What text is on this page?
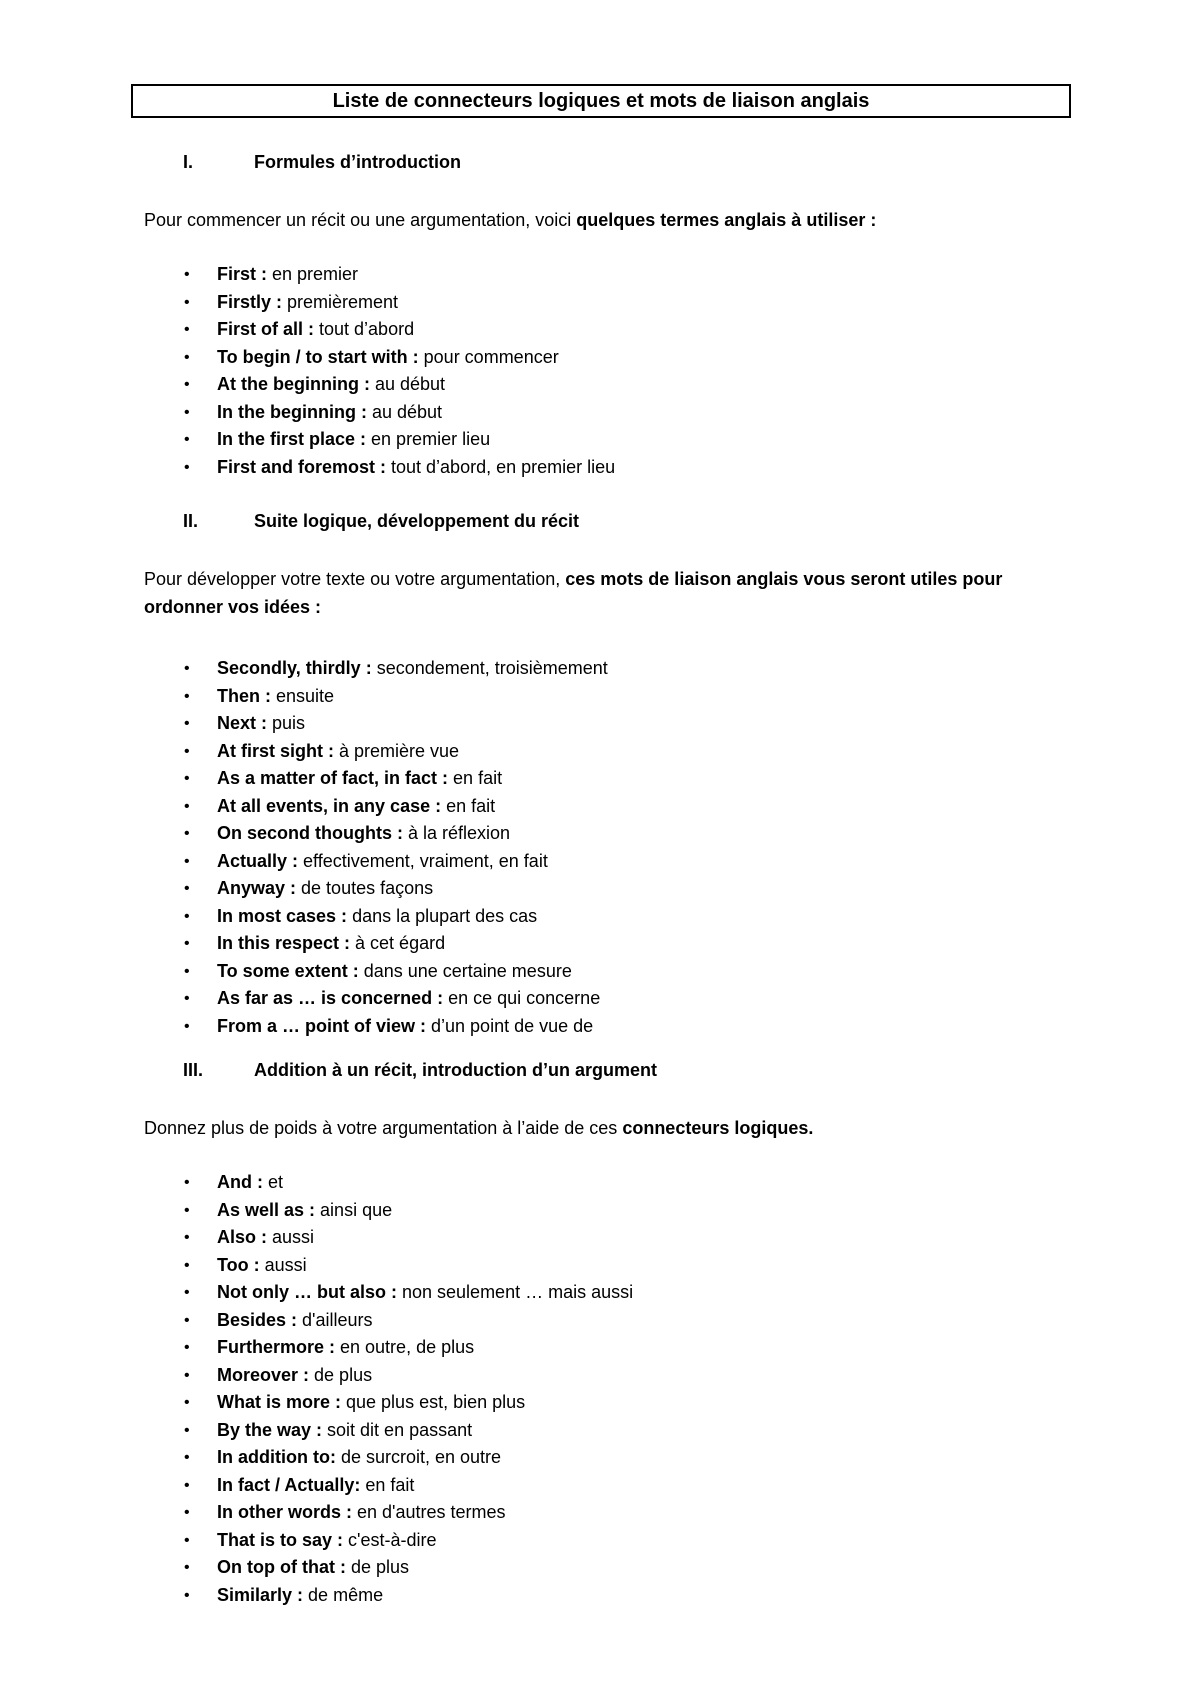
Liste de connecteurs logiques et mots de liaison anglais
I.	Formules d’introduction
Pour commencer un récit ou une argumentation, voici quelques termes anglais à utiliser :
• First : en premier
• Firstly : premièrement
• First of all : tout d’abord
• To begin / to start with : pour commencer
• At the beginning : au début
• In the beginning : au début
• In the first place : en premier lieu
• First and foremost : tout d’abord, en premier lieu
II.	Suite logique, développement du récit
Pour développer votre texte ou votre argumentation, ces mots de liaison anglais vous seront utiles pour ordonner vos idées :
• Secondly, thirdly : secondement, troisièmement
• Then : ensuite
• Next : puis
• At first sight : à première vue
• As a matter of fact, in fact : en fait
• At all events, in any case : en fait
• On second thoughts : à la réflexion
• Actually : effectivement, vraiment, en fait
• Anyway : de toutes façons
• In most cases : dans la plupart des cas
• In this respect : à cet égard
• To some extent : dans une certaine mesure
• As far as … is concerned : en ce qui concerne
• From a … point of view : d’un point de vue de
III.	Addition à un récit, introduction d’un argument
Donnez plus de poids à votre argumentation à l’aide de ces connecteurs logiques.
• And : et
• As well as : ainsi que
• Also : aussi
• Too : aussi
• Not only … but also : non seulement … mais aussi
• Besides : d'ailleurs
• Furthermore : en outre, de plus
• Moreover : de plus
• What is more : que plus est, bien plus
• By the way : soit dit en passant
• In addition to: de surcroit, en outre
• In fact / Actually: en fait
• In other words : en d'autres termes
• That is to say : c'est-à-dire
• On top of that : de plus
• Similarly : de même
